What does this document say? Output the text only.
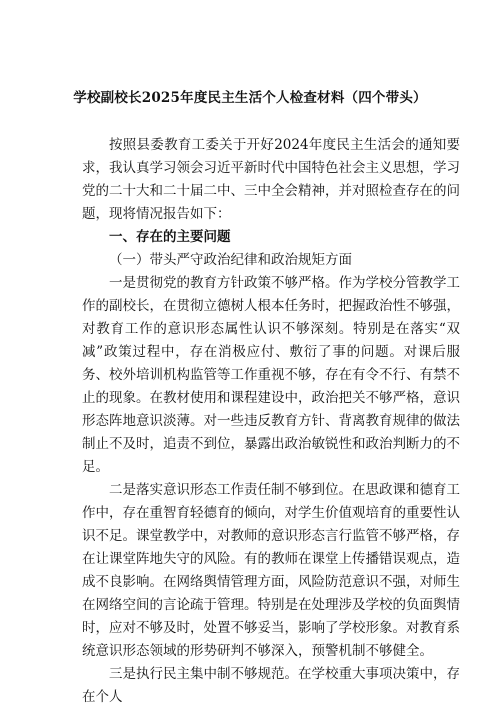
学校副校长2025年度民主生活个人检查材料（四个带头）

按照县委教育工委关于开好2024年度民主生活会的通知要求，我认真学习领会习近平新时代中国特色社会主义思想，学习党的二十大和二十届二中、三中全会精神，并对照检查存在的问题，现将情况报告如下：

一、存在的主要问题

（一）带头严守政治纪律和政治规矩方面

一是贯彻党的教育方针政策不够严格。作为学校分管教学工作的副校长，在贯彻立德树人根本任务时，把握政治性不够强，对教育工作的意识形态属性认识不够深刻。特别是在落实“双减”政策过程中，存在消极应付、敷衍了事的问题。对课后服务、校外培训机构监管等工作重视不够，存在有令不行、有禁不止的现象。在教材使用和课程建设中，政治把关不够严格，意识形态阵地意识淡薄。对一些违反教育方针、背离教育规律的做法制止不及时，追责不到位，暴露出政治敏锐性和政治判断力的不足。

二是落实意识形态工作责任制不够到位。在思政课和德育工作中，存在重智育轻德育的倾向，对学生价值观培育的重要性认识不足。课堂教学中，对教师的意识形态言行监管不够严格，存在让课堂阵地失守的风险。有的教师在课堂上传播错误观点，造成不良影响。在网络舆情管理方面，风险防范意识不强，对师生在网络空间的言论疏于管理。特别是在处理涉及学校的负面舆情时，应对不够及时，处置不够妥当，影响了学校形象。对教育系统意识形态领域的形势研判不够深入，预警机制不够健全。

三是执行民主集中制不够规范。在学校重大事项决策中，存在个人
